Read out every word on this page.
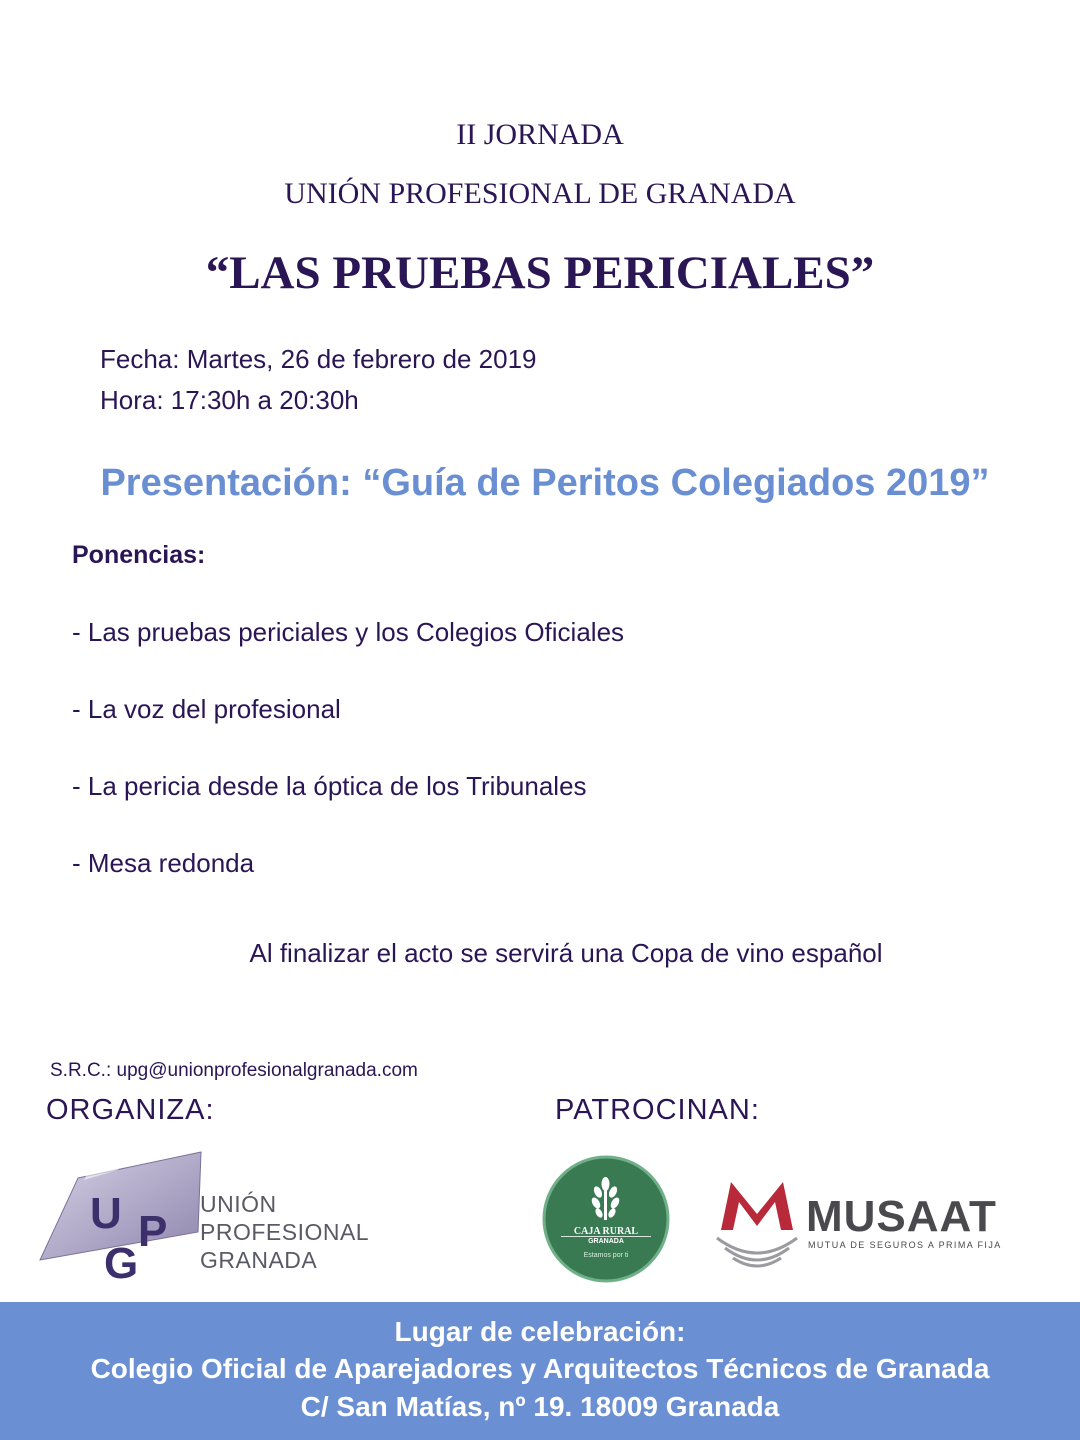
II JORNADA
UNIÓN PROFESIONAL DE GRANADA
“LAS PRUEBAS PERICIALES”
Fecha: Martes, 26 de febrero de 2019
Hora: 17:30h a 20:30h
Presentación: “Guía de Peritos Colegiados 2019”
Ponencias:
- Las pruebas periciales y los Colegios Oficiales
- La voz del profesional
- La pericia desde la óptica de los Tribunales
- Mesa redonda
Al finalizar el acto se servirá una Copa de vino español
S.R.C.: upg@unionprofesionalgranada.com
ORGANIZA:	PATROCINAN:
U P
G
UNIÓN
PROFESIONAL
GRANADA
CAJA RURAL
GRANADA
Estamos por ti
MUSAAT
MUTUA DE SEGUROS A PRIMA FIJA
Lugar de celebración:
Colegio Oficial de Aparejadores y Arquitectos Técnicos de Granada
C/ San Matías, nº 19. 18009 Granada
